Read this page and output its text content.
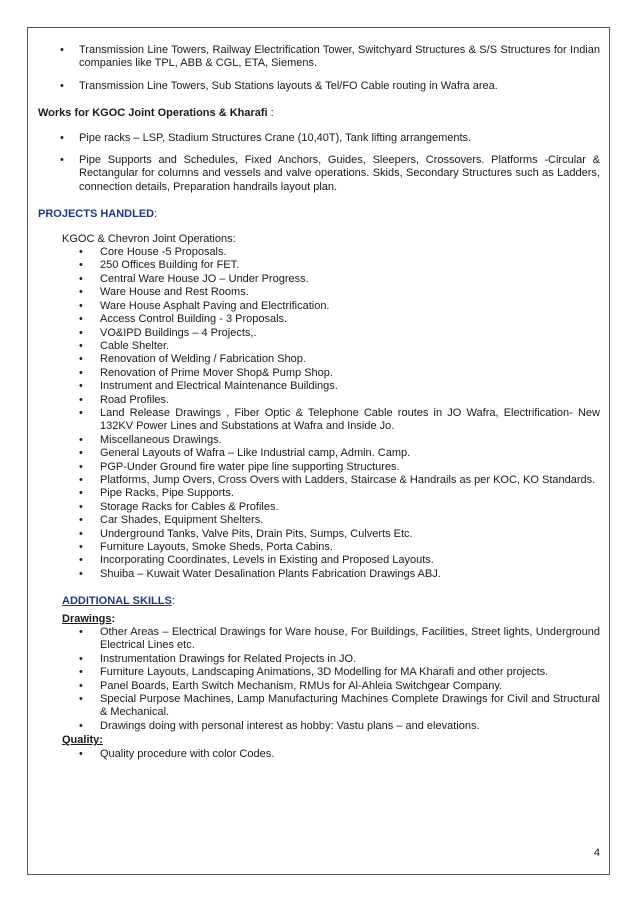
• Transmission Line Towers, Railway Electrification Tower, Switchyard Structures & S/S Structures for Indian companies like TPL, ABB & CGL, ETA, Siemens.
• Transmission Line Towers, Sub Stations layouts & Tel/FO Cable routing in Wafra area.

Works for KGOC Joint Operations & Kharafi :

• Pipe racks – LSP, Stadium Structures Crane (10,40T), Tank lifting arrangements.
• Pipe Supports and Schedules, Fixed Anchors, Guides, Sleepers, Crossovers. Platforms -Circular & Rectangular for columns and vessels and valve operations. Skids, Secondary Structures such as Ladders, connection details, Preparation handrails layout plan.

PROJECTS HANDLED:

KGOC & Chevron Joint Operations:
• Core House -5 Proposals.
• 250 Offices Building for FET.
• Central Ware House JO – Under Progress.
• Ware House and Rest Rooms.
• Ware House Asphalt Paving and Electrification.
• Access Control Building - 3 Proposals.
• VO&IPD Buildings – 4 Projects,.
• Cable Shelter.
• Renovation of Welding / Fabrication Shop.
• Renovation of Prime Mover Shop& Pump Shop.
• Instrument and Electrical Maintenance Buildings.
• Road Profiles.
• Land Release Drawings , Fiber Optic & Telephone Cable routes in JO Wafra, Electrification- New 132KV Power Lines and Substations at Wafra and Inside Jo.
• Miscellaneous Drawings.
• General Layouts of Wafra – Like Industrial camp, Admin. Camp.
• PGP-Under Ground fire water pipe line supporting Structures.
• Platforms, Jump Overs, Cross Overs with Ladders, Staircase & Handrails as per KOC, KO Standards.
• Pipe Racks, Pipe Supports.
• Storage Racks for Cables & Profiles.
• Car Shades, Equipment Shelters.
• Underground Tanks, Valve Pits, Drain Pits, Sumps, Culverts Etc.
• Furniture Layouts, Smoke Sheds, Porta Cabins.
• Incorporating Coordinates, Levels in Existing and Proposed Layouts.
• Shuiba – Kuwait Water Desalination Plants Fabrication Drawings ABJ.

ADDITIONAL SKILLS:

Drawings:

• Other Areas – Electrical Drawings for Ware house, For Buildings, Facilities, Street lights, Underground Electrical Lines etc.
• Instrumentation Drawings for Related Projects in JO.
• Furniture Layouts, Landscaping Animations, 3D Modelling for MA Kharafi and other projects.
• Panel Boards, Earth Switch Mechanism, RMUs for Al-Ahleia Switchgear Company.
• Special Purpose Machines, Lamp Manufacturing Machines Complete Drawings for Civil and Structural & Mechanical.
• Drawings doing with personal interest as hobby: Vastu plans – and elevations.

Quality:

• Quality procedure with color Codes.
4
